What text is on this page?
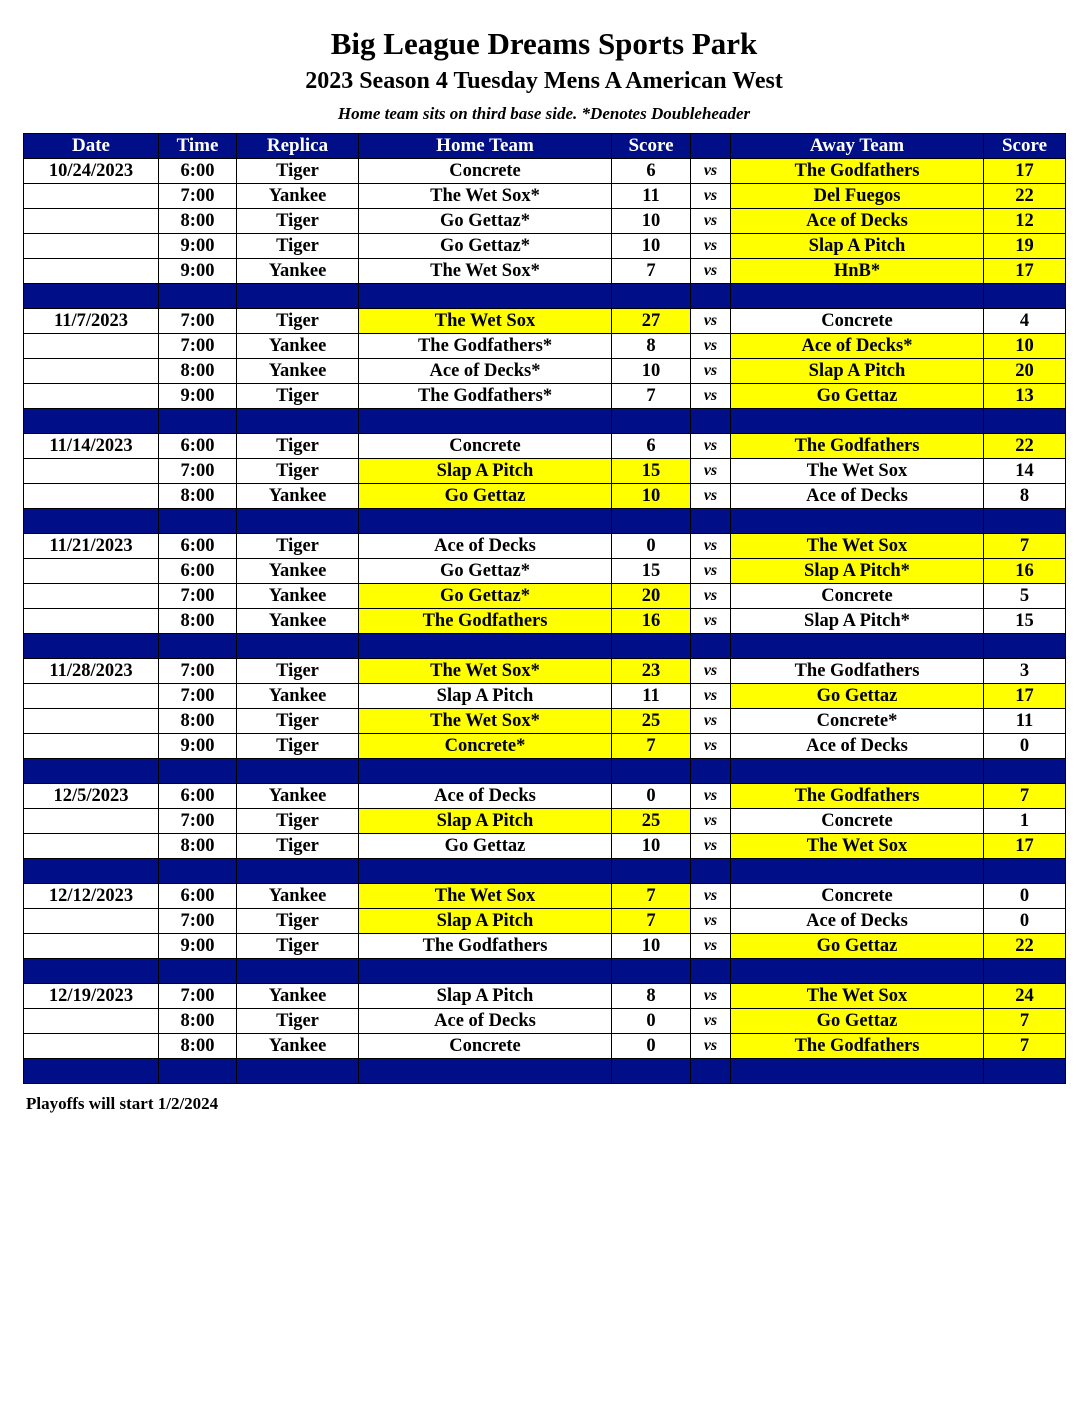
Big League Dreams Sports Park
2023 Season 4 Tuesday Mens A American West
Home team sits on third base side. *Denotes Doubleheader
Date	Time	Replica	Home Team	Score		Away Team	Score
10/24/2023	6:00	Tiger	Concrete	6	vs	The Godfathers	17
	7:00	Yankee	The Wet Sox*	11	vs	Del Fuegos	22
	8:00	Tiger	Go Gettaz*	10	vs	Ace of Decks	12
	9:00	Tiger	Go Gettaz*	10	vs	Slap A Pitch	19
	9:00	Yankee	The Wet Sox*	7	vs	HnB*	17

11/7/2023	7:00	Tiger	The Wet Sox	27	vs	Concrete	4
	7:00	Yankee	The Godfathers*	8	vs	Ace of Decks*	10
	8:00	Yankee	Ace of Decks*	10	vs	Slap A Pitch	20
	9:00	Tiger	The Godfathers*	7	vs	Go Gettaz	13

11/14/2023	6:00	Tiger	Concrete	6	vs	The Godfathers	22
	7:00	Tiger	Slap A Pitch	15	vs	The Wet Sox	14
	8:00	Yankee	Go Gettaz	10	vs	Ace of Decks	8

11/21/2023	6:00	Tiger	Ace of Decks	0	vs	The Wet Sox	7
	6:00	Yankee	Go Gettaz*	15	vs	Slap A Pitch*	16
	7:00	Yankee	Go Gettaz*	20	vs	Concrete	5
	8:00	Yankee	The Godfathers	16	vs	Slap A Pitch*	15

11/28/2023	7:00	Tiger	The Wet Sox*	23	vs	The Godfathers	3
	7:00	Yankee	Slap A Pitch	11	vs	Go Gettaz	17
	8:00	Tiger	The Wet Sox*	25	vs	Concrete*	11
	9:00	Tiger	Concrete*	7	vs	Ace of Decks	0

12/5/2023	6:00	Yankee	Ace of Decks	0	vs	The Godfathers	7
	7:00	Tiger	Slap A Pitch	25	vs	Concrete	1
	8:00	Tiger	Go Gettaz	10	vs	The Wet Sox	17

12/12/2023	6:00	Yankee	The Wet Sox	7	vs	Concrete	0
	7:00	Tiger	Slap A Pitch	7	vs	Ace of Decks	0
	9:00	Tiger	The Godfathers	10	vs	Go Gettaz	22

12/19/2023	7:00	Yankee	Slap A Pitch	8	vs	The Wet Sox	24
	8:00	Tiger	Ace of Decks	0	vs	Go Gettaz	7
	8:00	Yankee	Concrete	0	vs	The Godfathers	7

Playoffs will start 1/2/2024
